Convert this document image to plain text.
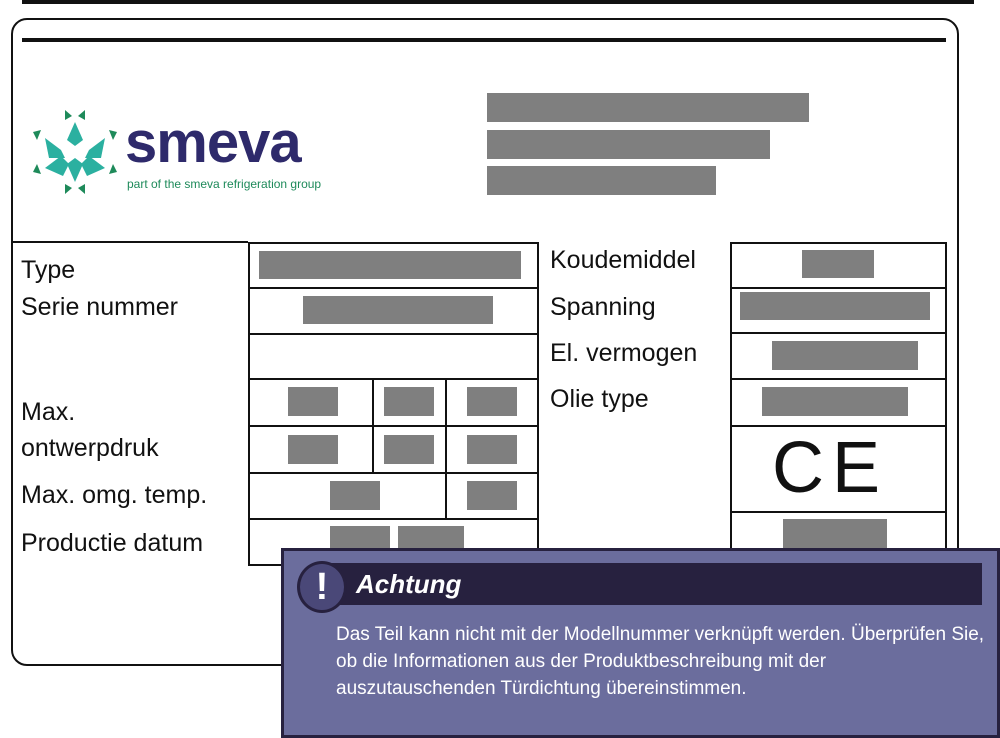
smeva
part of the smeva refrigeration group
Type
Serie nummer
Max.
ontwerpdruk
Max. omg. temp.
Productie datum
CE
Koudemiddel
Spanning
El. vermogen
Olie type
!	Achtung
Das Teil kann nicht mit der Modellnummer verknüpft werden. Überprüfen Sie, ob die Informationen aus der Produktbeschreibung mit der auszutauschenden Türdichtung übereinstimmen.
